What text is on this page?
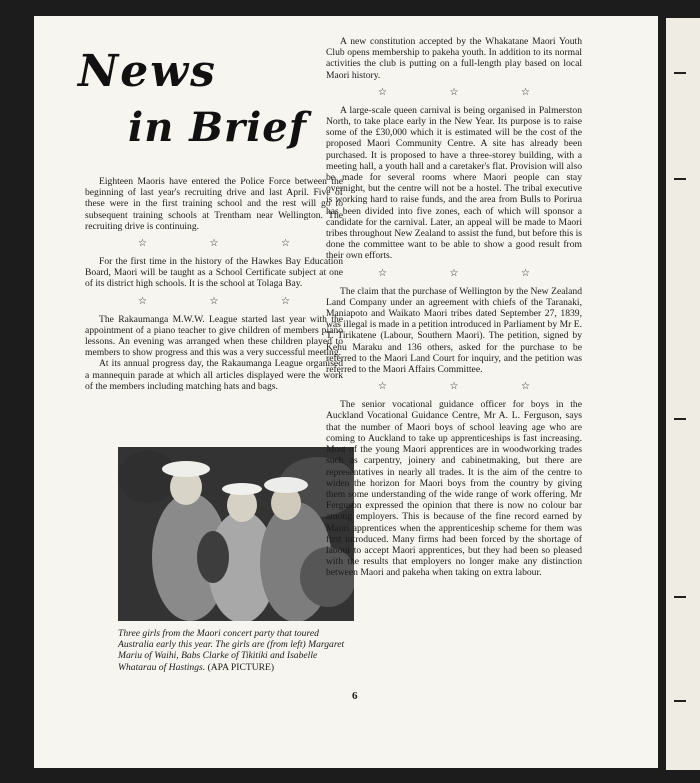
News
in Brief

Eighteen Maoris have entered the Police Force between the beginning of last year's recruiting drive and last April. Five of these were in the first training school and the rest will go to subsequent training schools at Trentham near Wellington. The recruiting drive is continuing.

☆ ☆ ☆

For the first time in the history of the Hawkes Bay Education Board, Maori will be taught as a School Certificate subject at one of its district high schools. It is the school at Tolaga Bay.

☆ ☆ ☆

The Rakaumanga M.W.W. League started last year with the appointment of a piano teacher to give children of members piano lessons. An evening was arranged when these children played to members to show progress and this was a very successful meeting.

At its annual progress day, the Rakaumanga League organised a mannequin parade at which all articles displayed were the work of the members including matching hats and bags.

Three girls from the Maori concert party that toured Australia early this year. The girls are (from left) Margaret Mariu of Waihi, Babs Clarke of Tikitiki and Isabelle Whatarau of Hastings. (APA PICTURE)

A new constitution accepted by the Whakatane Maori Youth Club opens membership to pakeha youth. In addition to its normal activities the club is putting on a full-length play based on local Maori history.

☆ ☆ ☆

A large-scale queen carnival is being organised in Palmerston North, to take place early in the New Year. Its purpose is to raise some of the £30,000 which it is estimated will be the cost of the proposed Maori Community Centre. A site has already been purchased. It is proposed to have a three-storey building, with a meeting hall, a youth hall and a caretaker's flat. Provision will also be made for several rooms where Maori people can stay overnight, but the centre will not be a hostel. The tribal executive is working hard to raise funds, and the area from Bulls to Porirua has been divided into five zones, each of which will sponsor a candidate for the carnival. Later, an appeal will be made to Maori tribes throughout New Zealand to assist the fund, but before this is done the committee want to be able to show a good result from their own efforts.

☆ ☆ ☆

The claim that the purchase of Wellington by the New Zealand Land Company under an agreement with chiefs of the Taranaki, Maniapoto and Waikato Maori tribes dated September 27, 1839, was illegal is made in a petition introduced in Parliament by Mr E. T. Tirikatene (Labour, Southern Maori). The petition, signed by Kehu Maraku and 136 others, asked for the purchase to be referred to the Maori Land Court for inquiry, and the petition was referred to the Maori Affairs Committee.

☆ ☆ ☆

The senior vocational guidance officer for boys in the Auckland Vocational Guidance Centre, Mr A. L. Ferguson, says that the number of Maori boys of school leaving age who are coming to Auckland to take up apprenticeships is fast increasing. Most of the young Maori apprentices are in woodworking trades such as carpentry, joinery and cabinetmaking, but there are representatives in nearly all trades. It is the aim of the centre to widen the horizon for Maori boys from the country by giving them some understanding of the wide range of work offering. Mr Ferguson expressed the opinion that there is now no colour bar among employers. This is because of the fine record earned by Maori apprentices when the apprenticeship scheme for them was first introduced. Many firms had been forced by the shortage of labour to accept Maori apprentices, but they had been so pleased with the results that employers no longer make any distinction between Maori and pakeha when taking on extra labour.

6
